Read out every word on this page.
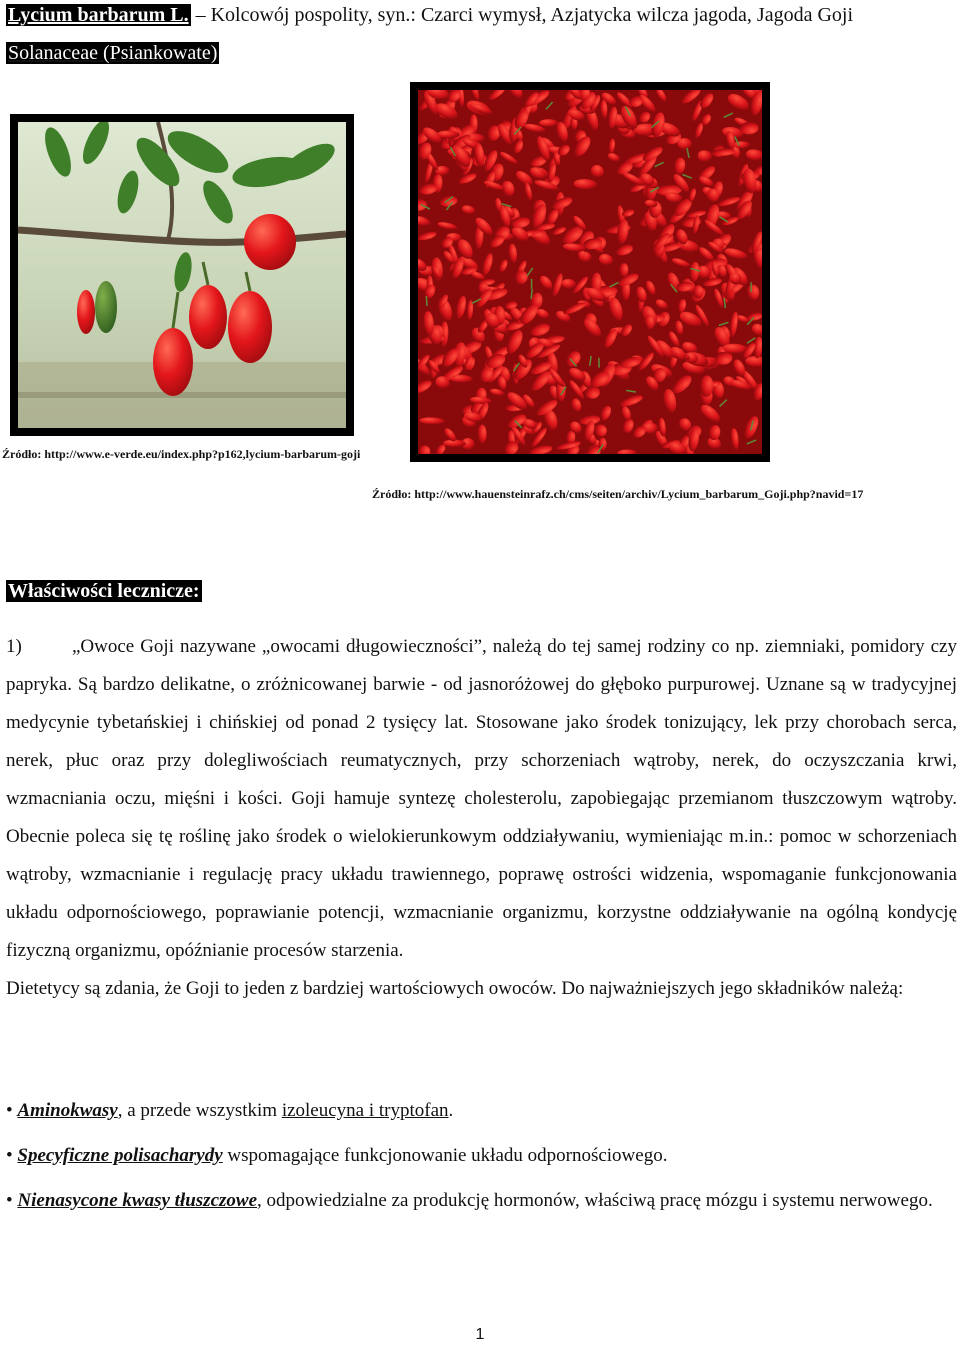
Lycium barbarum L. – Kolcowój pospolity, syn.: Czarci wymysł, Azjatycka wilcza jagoda, Jagoda Goji
Solanaceae (Psiankowate)
Źródło: http://www.e-verde.eu/index.php?p162,lycium-barbarum-goji
Źródło: http://www.hauensteinrafz.ch/cms/seiten/archiv/Lycium_barbarum_Goji.php?navid=17
Właściwości lecznicze:

1)	„Owoce Goji nazywane „owocami długowieczności”, należą do tej samej rodziny co np. ziemniaki, pomidory czy papryka. Są bardzo delikatne, o zróżnicowanej barwie - od jasnoróżowej do głęboko purpurowej. Uznane są w tradycyjnej medycynie tybetańskiej i chińskiej od ponad 2 tysięcy lat. Stosowane jako środek tonizujący, lek przy chorobach serca, nerek, płuc oraz przy dolegliwościach reumatycznych, przy schorzeniach wątroby, nerek, do oczyszczania krwi, wzmacniania oczu, mięśni i kości. Goji hamuje syntezę cholesterolu, zapobiegając przemianom tłuszczowym wątroby. Obecnie poleca się tę roślinę jako środek o wielokierunkowym oddziaływaniu, wymieniając m.in.: pomoc w schorzeniach wątroby, wzmacnianie i regulację pracy układu trawiennego, poprawę ostrości widzenia, wspomaganie funkcjonowania układu odpornościowego, poprawianie potencji, wzmacnianie organizmu, korzystne oddziaływanie na ogólną kondycję fizyczną organizmu, opóźnianie procesów starzenia.

Dietetycy są zdania, że Goji to jeden z bardziej wartościowych owoców. Do najważniejszych jego składników należą:

• Aminokwasy, a przede wszystkim izoleucyna i tryptofan.

• Specyficzne polisacharydy wspomagające funkcjonowanie układu odpornościowego.

• Nienasycone kwasy tłuszczowe, odpowiedzialne za produkcję hormonów, właściwą pracę mózgu i systemu nerwowego.

1
